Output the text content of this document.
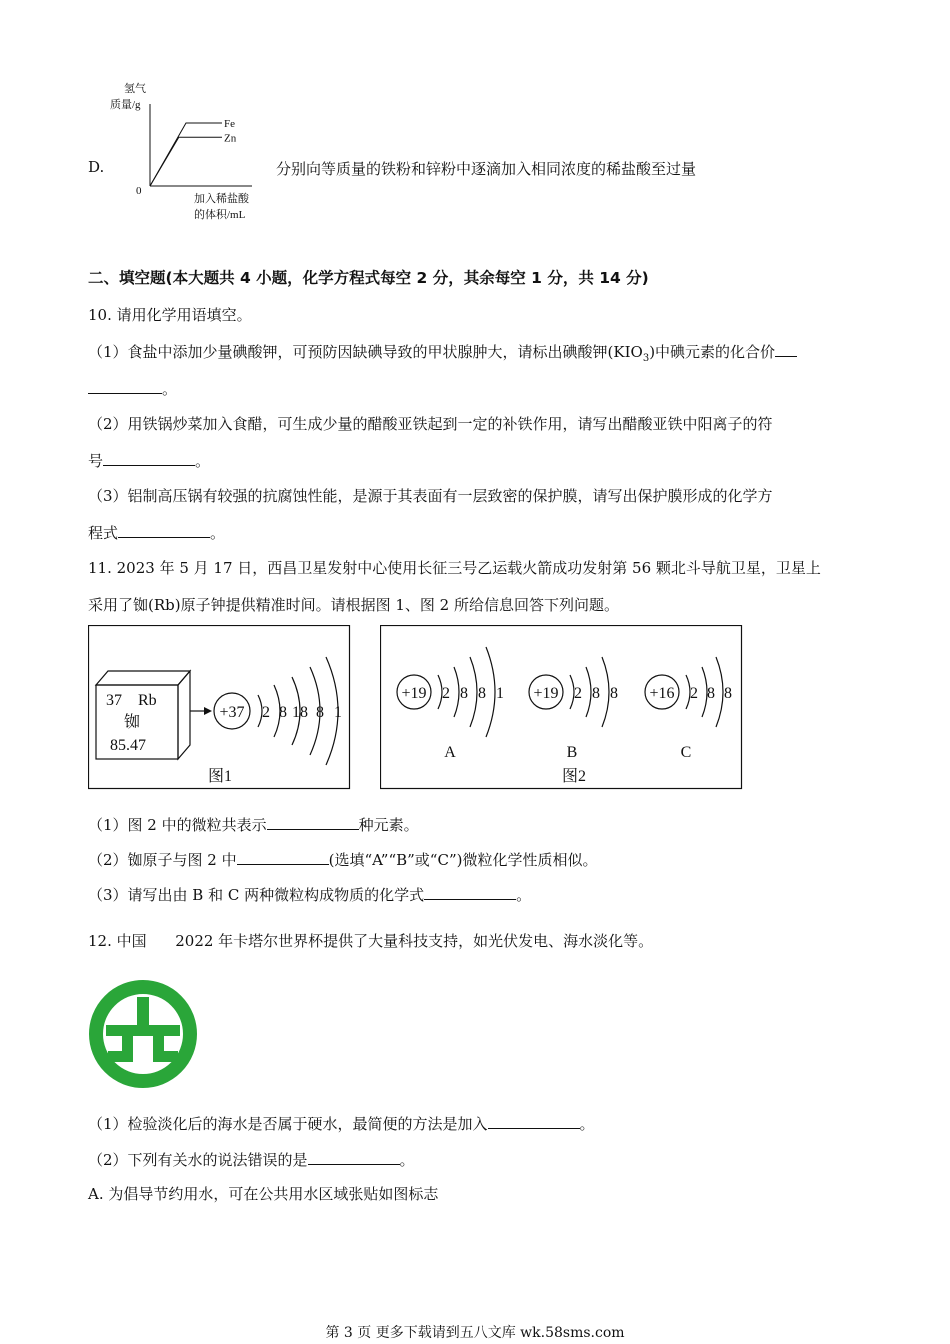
D.
氢气
质量/g
0
Fe
Zn
加入稀盐酸
的体积/mL
分别向等质量的铁粉和锌粉中逐滴加入相同浓度的稀盐酸至过量
二、填空题(本大题共 4 小题，化学方程式每空 2 分，其余每空 1 分，共 14 分)
10. 请用化学用语填空。
（1）食盐中添加少量碘酸钾，可预防因缺碘导致的甲状腺肿大，请标出碘酸钾$(KIO_3)$中碘元素的化合价
。
（2）用铁锅炒菜加入食醋，可生成少量的醋酸亚铁起到一定的补铁作用，请写出醋酸亚铁中阳离子的符
号	。
（3）铝制高压锅有较强的抗腐蚀性能，是源于其表面有一层致密的保护膜，请写出保护膜形成的化学方
程式	。
11. 2023 年 5 月 17 日，西昌卫星发射中心使用长征三号乙运载火箭成功发射第 56 颗北斗导航卫星，卫星上
采用了铷(Rb)原子钟提供精准时间。请根据图 1、图 2 所给信息回答下列问题。
37 Rb
铷
85.47
+37 2 8 18 8 1
图1
+19 2 8 8 1
A
+19 2 8 8
B
+16 2 8 8
C
图2
（1）图 2 中的微粒共表示	种元素。
（2）铷原子与图 2 中	(选填“A”“B”或“C”)微粒化学性质相似。
（3）请写出由 B 和 C 两种微粒构成物质的化学式	。
12. 中国      2022 年卡塔尔世界杯提供了大量科技支持，如光伏发电、海水淡化等。
（1）检验淡化后的海水是否属于硬水，最简便的方法是加入	。
（2）下列有关水的说法错误的是	。
A. 为倡导节约用水，可在公共用水区域张贴如图标志
第 3 页 更多下载请到五八文库 wk.58sms.com
